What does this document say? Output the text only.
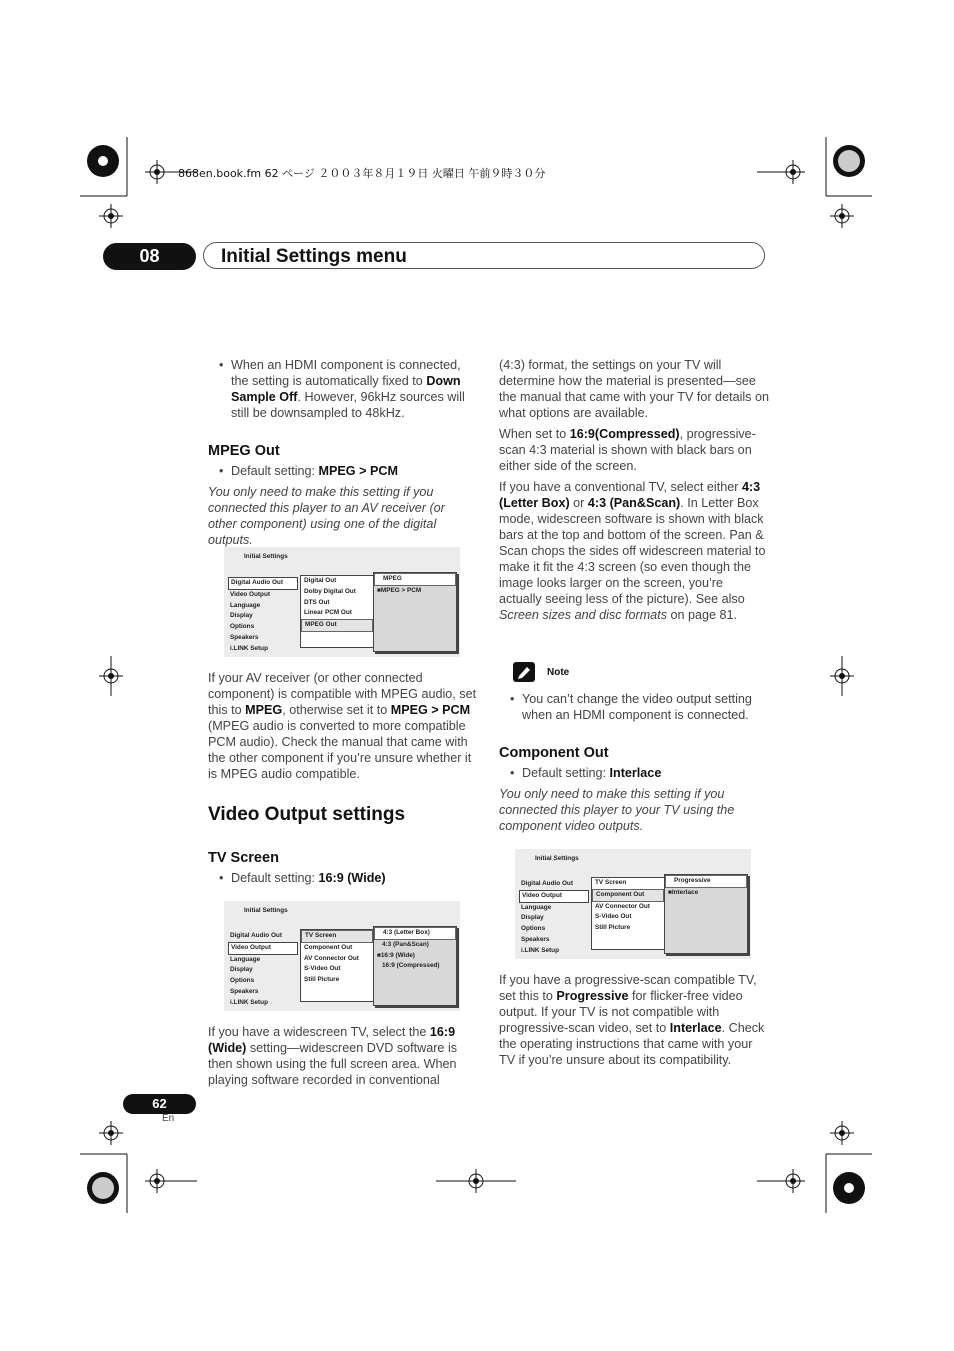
868en.book.fm 62 ページ ２００３年８月１９日 火曜日 午前９時３０分
08	Initial Settings menu

• When an HDMI component is connected, the setting is automatically fixed to Down Sample Off. However, 96kHz sources will still be downsampled to 48kHz.

MPEG Out

• Default setting: MPEG > PCM

You only need to make this setting if you connected this player to an AV receiver (or other component) using one of the digital outputs.

Initial Settings
Digital Audio Out
Video Output
Language
Display
Options
Speakers
i.LINK Setup
Digital Out
Dolby Digital Out
DTS Out
Linear PCM Out
MPEG Out
MPEG
■MPEG > PCM

If your AV receiver (or other connected component) is compatible with MPEG audio, set this to MPEG, otherwise set it to MPEG > PCM (MPEG audio is converted to more compatible PCM audio). Check the manual that came with the other component if you’re unsure whether it is MPEG audio compatible.

Video Output settings
TV Screen

• Default setting: 16:9 (Wide)

Initial Settings
Digital Audio Out
Video Output
Language
Display
Options
Speakers
i.LINK Setup
TV Screen
Component Out
AV Connector Out
S-Video Out
Still Picture
4:3 (Letter Box)
4:3 (Pan&Scan)
■16:9 (Wide)
16:9 (Compressed)

If you have a widescreen TV, select the 16:9 (Wide) setting—widescreen DVD software is then shown using the full screen area. When playing software recorded in conventional

(4:3) format, the settings on your TV will determine how the material is presented—see the manual that came with your TV for details on what options are available.

When set to 16:9(Compressed), progressive-scan 4:3 material is shown with black bars on either side of the screen.

If you have a conventional TV, select either 4:3 (Letter Box) or 4:3 (Pan&Scan). In Letter Box mode, widescreen software is shown with black bars at the top and bottom of the screen. Pan & Scan chops the sides off widescreen material to make it fit the 4:3 screen (so even though the image looks larger on the screen, you’re actually seeing less of the picture). See also Screen sizes and disc formats on page 81.

Note

• You can’t change the video output setting when an HDMI component is connected.

Component Out

• Default setting: Interlace

You only need to make this setting if you connected this player to your TV using the component video outputs.

Initial Settings
Digital Audio Out
Video Output
Language
Display
Options
Speakers
i.LINK Setup
TV Screen
Component Out
AV Connector Out
S-Video Out
Still Picture
Progressive
■Interlace

If you have a progressive-scan compatible TV, set this to Progressive for flicker-free video output. If your TV is not compatible with progressive-scan video, set to Interlace. Check the operating instructions that came with your TV if you’re unsure about its compatibility.

62
En
